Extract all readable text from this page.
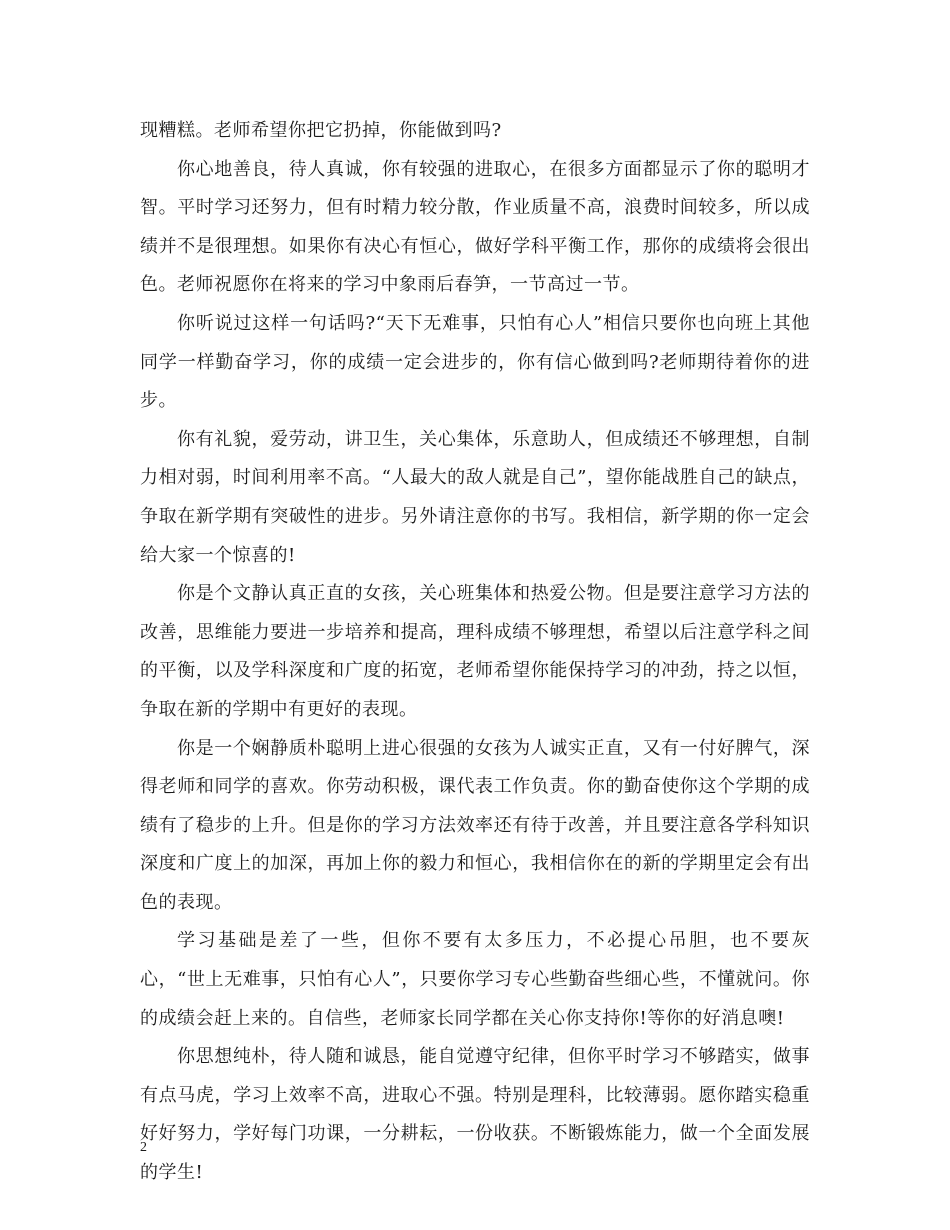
现糟糕。老师希望你把它扔掉，你能做到吗?

你心地善良，待人真诚，你有较强的进取心，在很多方面都显示了你的聪明才智。平时学习还努力，但有时精力较分散，作业质量不高，浪费时间较多，所以成绩并不是很理想。如果你有决心有恒心，做好学科平衡工作，那你的成绩将会很出色。老师祝愿你在将来的学习中象雨后春笋，一节高过一节。

你听说过这样一句话吗?“天下无难事，只怕有心人”相信只要你也向班上其他同学一样勤奋学习，你的成绩一定会进步的，你有信心做到吗?老师期待着你的进步。

你有礼貌，爱劳动，讲卫生，关心集体，乐意助人，但成绩还不够理想，自制力相对弱，时间利用率不高。“人最大的敌人就是自己”，望你能战胜自己的缺点，争取在新学期有突破性的进步。另外请注意你的书写。我相信，新学期的你一定会给大家一个惊喜的!

你是个文静认真正直的女孩，关心班集体和热爱公物。但是要注意学习方法的改善，思维能力要进一步培养和提高，理科成绩不够理想，希望以后注意学科之间的平衡，以及学科深度和广度的拓宽，老师希望你能保持学习的冲劲，持之以恒，争取在新的学期中有更好的表现。

你是一个娴静质朴聪明上进心很强的女孩为人诚实正直，又有一付好脾气，深得老师和同学的喜欢。你劳动积极，课代表工作负责。你的勤奋使你这个学期的成绩有了稳步的上升。但是你的学习方法效率还有待于改善，并且要注意各学科知识深度和广度上的加深，再加上你的毅力和恒心，我相信你在的新的学期里定会有出色的表现。

学习基础是差了一些，但你不要有太多压力，不必提心吊胆，也不要灰心，“世上无难事，只怕有心人”，只要你学习专心些勤奋些细心些，不懂就问。你的成绩会赶上来的。自信些，老师家长同学都在关心你支持你!等你的好消息噢!

你思想纯朴，待人随和诚恳，能自觉遵守纪律，但你平时学习不够踏实，做事有点马虎，学习上效率不高，进取心不强。特别是理科，比较薄弱。愿你踏实稳重好好努力，学好每门功课，一分耕耘，一份收获。不断锻炼能力，做一个全面发展的学生!

2
